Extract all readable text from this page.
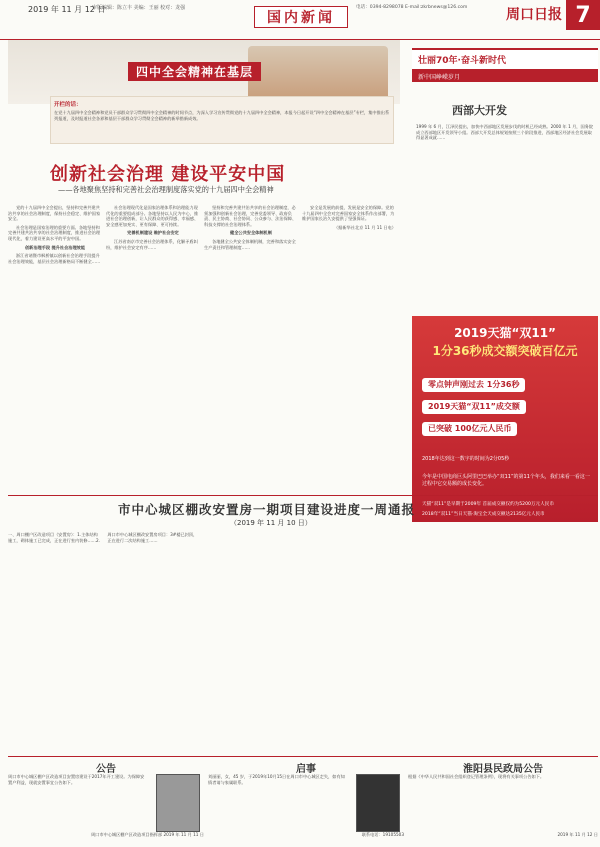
2019 年 11 月 12 日
审版编辑：陈立丰 美编：王丽 校对：龙强
国内新闻
电话：0394-8298078 E-mail:zkrbnews@126.com	周口日报 7
四中全会精神在基层
开栏的话：
在党十九届四中全会精神和党员干部群众学习贯彻四中全会精神的时间节点，为深入学习宣传贯彻党的十九届四中全会精神，本报今日起开设“四中全会精神在基层”专栏，集中推出系列报道，及时报道社会各界和基层干部群众学习贯彻全会精神的新举措新成效。
创新社会治理 建设平安中国
——各地聚焦坚持和完善社会治理制度落实党的十九届四中全会精神

党的十九届四中全会提出，坚持和完善共建共治共享的社会治理制度，保持社会稳定、维护国家安全。

社会治理是国家治理的重要方面。各地坚持和完善共建共治共享的社会治理制度，推进社会治理现代化，着力建设更高水平的平安中国。

创新治理手段 提升社会治理效能

浙江省诸暨市枫桥镇以创新社会治理手段提升社会治理效能，基层社会治理新格局不断健全……

社会治理现代化是国家治理体系和治理能力现代化的重要组成部分。各地坚持以人民为中心，推进社会治理创新，让人民群众的获得感、幸福感、安全感更加充实、更有保障、更可持续。

完善机制建设 维护社会安定

江苏省南京市完善社会治理体系，化解矛盾纠纷，维护社会安定有序……

坚持和完善共建共治共享的社会治理制度，必须加强和创新社会治理，完善党委领导、政府负责、民主协商、社会协同、公众参与、法治保障、科技支撑的社会治理体系。

健全公共安全体制机制

各地健全公共安全体制机制，完善和落实安全生产责任和管理制度……

安全是发展的前提，发展是安全的保障。党的十九届四中全会对完善国家安全体系作出部署，为维护国家长治久安提供了坚强保证。

（据新华社北京 11 月 11 日电）

壮丽70年·奋斗新时代
新中国峥嵘岁月
西部大开发
1999 年 6 月，江泽民提出，加快中西部地区发展步伐的时机已经成熟。2000 年 1 月，国务院成立西部地区开发领导小组。西部大开发总体规划按照三个阶段推进，西部地区经济社会发展取得显著成就……
2019天猫“双11”
1分36秒成交额突破百亿元
零点钟声刚过去 1分36秒
2019天猫“双11”成交额
已突破 100亿元人民币
2018年达到这一数字的时间为2分05秒
今年是中国电商巨头阿里巴巴举办“双11”的第11个年头，我们来看一看这一过程中它交易额的成长变化。
天猫“双11”是早期于2009年 首届成交额仅约为5200万元人民币
2018年“双11”当日天猫·淘宝全天成交额达2135亿元人民币
市中心城区棚改安置房一期项目建设进度一周通报
（2019 年 11 月 10 日）
一、周口棚户区改造项目（安置房）：1.主体结构施工，砌体施工已完成，正在进行室内装修……2.周口市中心城区棚改安置房项目：3#楼已封顶，正在进行二次结构施工……
公告
周口市中心城区棚户区改造项目安置房建设于2017年开工建设。为保障安置户利益，现就安置事宜公告如下。
周口市中心城区棚户区改造项目指挥部 2019 年 11 月 11 日
启事
刘丽丽，女，45 岁，于2019年10月15日在周口市中心城区走失，如有知情者请与家属联系。
联系电话：19105503
淮阳县民政局公告
根据《中华人民共和国社会组织登记管理条例》，现将有关事项公告如下。
2019 年 11 月 12 日
